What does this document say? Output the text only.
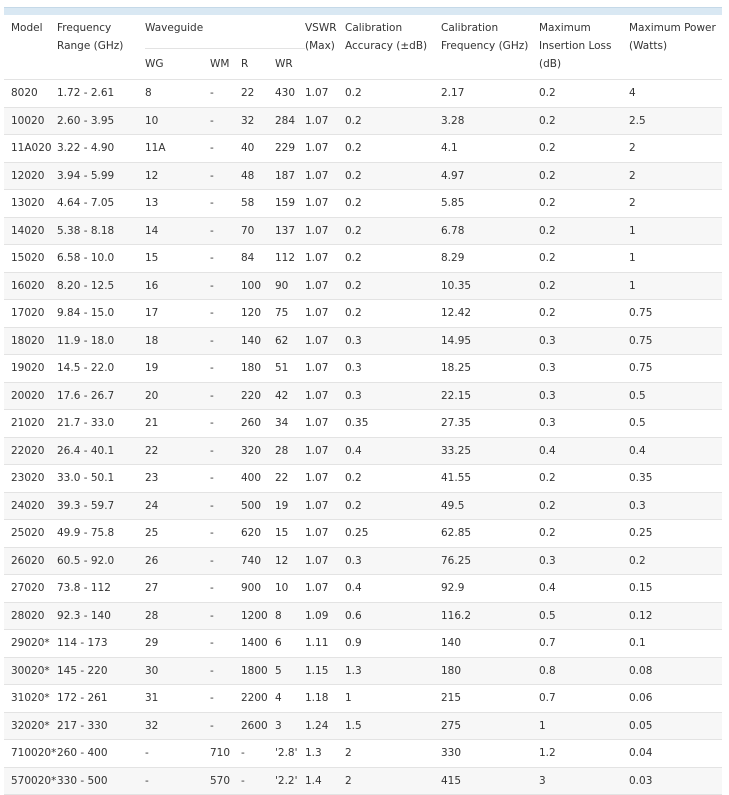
Model	Frequency Range (GHz)	Waveguide				VSWR (Max)	Calibration Accuracy (±dB)	Calibration Frequency (GHz)	Maximum Insertion Loss (dB)	Maximum Power (Watts)
		WG	WM	R	WR					
8020	1.72 - 2.61	8	-	22	430	1.07	0.2	2.17	0.2	4
10020	2.60 - 3.95	10	-	32	284	1.07	0.2	3.28	0.2	2.5
11A020	3.22 - 4.90	11A	-	40	229	1.07	0.2	4.1	0.2	2
12020	3.94 - 5.99	12	-	48	187	1.07	0.2	4.97	0.2	2
13020	4.64 - 7.05	13	-	58	159	1.07	0.2	5.85	0.2	2
14020	5.38 - 8.18	14	-	70	137	1.07	0.2	6.78	0.2	1
15020	6.58 - 10.0	15	-	84	112	1.07	0.2	8.29	0.2	1
16020	8.20 - 12.5	16	-	100	90	1.07	0.2	10.35	0.2	1
17020	9.84 - 15.0	17	-	120	75	1.07	0.2	12.42	0.2	0.75
18020	11.9 - 18.0	18	-	140	62	1.07	0.3	14.95	0.3	0.75
19020	14.5 - 22.0	19	-	180	51	1.07	0.3	18.25	0.3	0.75
20020	17.6 - 26.7	20	-	220	42	1.07	0.3	22.15	0.3	0.5
21020	21.7 - 33.0	21	-	260	34	1.07	0.35	27.35	0.3	0.5
22020	26.4 - 40.1	22	-	320	28	1.07	0.4	33.25	0.4	0.4
23020	33.0 - 50.1	23	-	400	22	1.07	0.2	41.55	0.2	0.35
24020	39.3 - 59.7	24	-	500	19	1.07	0.2	49.5	0.2	0.3
25020	49.9 - 75.8	25	-	620	15	1.07	0.25	62.85	0.2	0.25
26020	60.5 - 92.0	26	-	740	12	1.07	0.3	76.25	0.3	0.2
27020	73.8 - 112	27	-	900	10	1.07	0.4	92.9	0.4	0.15
28020	92.3 - 140	28	-	1200	8	1.09	0.6	116.2	0.5	0.12
29020*	114 - 173	29	-	1400	6	1.11	0.9	140	0.7	0.1
30020*	145 - 220	30	-	1800	5	1.15	1.3	180	0.8	0.08
31020*	172 - 261	31	-	2200	4	1.18	1	215	0.7	0.06
32020*	217 - 330	32	-	2600	3	1.24	1.5	275	1	0.05
710020*	260 - 400	-	710	-	'2.8'	1.3	2	330	1.2	0.04
570020*	330 - 500	-	570	-	'2.2'	1.4	2	415	3	0.03
